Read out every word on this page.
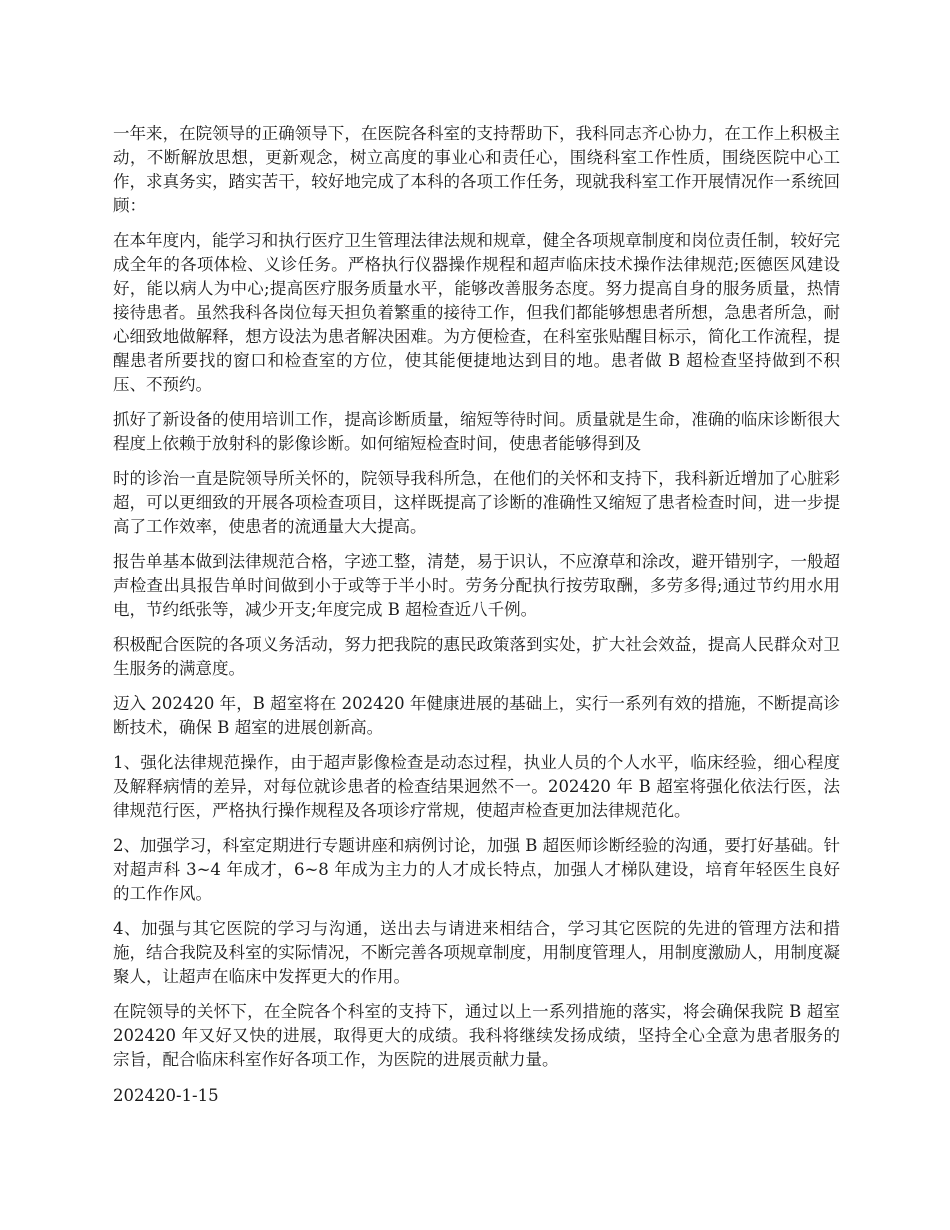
一年来，在院领导的正确领导下，在医院各科室的支持帮助下，我科同志齐心协力，在工作上积极主动，不断解放思想，更新观念，树立高度的事业心和责任心，围绕科室工作性质，围绕医院中心工作，求真务实，踏实苦干，较好地完成了本科的各项工作任务，现就我科室工作开展情况作一系统回顾：

在本年度内，能学习和执行医疗卫生管理法律法规和规章，健全各项规章制度和岗位责任制，较好完成全年的各项体检、义诊任务。严格执行仪器操作规程和超声临床技术操作法律规范;医德医风建设好，能以病人为中心;提高医疗服务质量水平，能够改善服务态度。努力提高自身的服务质量，热情接待患者。虽然我科各岗位每天担负着繁重的接待工作，但我们都能够想患者所想，急患者所急，耐心细致地做解释，想方设法为患者解决困难。为方便检查，在科室张贴醒目标示，简化工作流程，提醒患者所要找的窗口和检查室的方位，使其能便捷地达到目的地。患者做 B 超检查坚持做到不积压、不预约。

抓好了新设备的使用培训工作，提高诊断质量，缩短等待时间。质量就是生命，准确的临床诊断很大程度上依赖于放射科的影像诊断。如何缩短检查时间，使患者能够得到及

时的诊治一直是院领导所关怀的，院领导我科所急，在他们的关怀和支持下，我科新近增加了心脏彩超，可以更细致的开展各项检查项目，这样既提高了诊断的准确性又缩短了患者检查时间，进一步提高了工作效率，使患者的流通量大大提高。

报告单基本做到法律规范合格，字迹工整，清楚，易于识认，不应潦草和涂改，避开错别字，一般超声检查出具报告单时间做到小于或等于半小时。劳务分配执行按劳取酬，多劳多得;通过节约用水用电，节约纸张等，减少开支;年度完成 B 超检查近八千例。

积极配合医院的各项义务活动，努力把我院的惠民政策落到实处，扩大社会效益，提高人民群众对卫生服务的满意度。

迈入 202420 年，B 超室将在 202420 年健康进展的基础上，实行一系列有效的措施，不断提高诊断技术，确保 B 超室的进展创新高。

1、强化法律规范操作，由于超声影像检查是动态过程，执业人员的个人水平，临床经验，细心程度及解释病情的差异，对每位就诊患者的检查结果迥然不一。202420 年 B 超室将强化依法行医，法律规范行医，严格执行操作规程及各项诊疗常规，使超声检查更加法律规范化。

2、加强学习，科室定期进行专题讲座和病例讨论，加强 B 超医师诊断经验的沟通，要打好基础。针对超声科 3~4 年成才，6~8 年成为主力的人才成长特点，加强人才梯队建设，培育年轻医生良好的工作作风。

4、加强与其它医院的学习与沟通，送出去与请进来相结合，学习其它医院的先进的管理方法和措施，结合我院及科室的实际情况，不断完善各项规章制度，用制度管理人，用制度激励人，用制度凝聚人，让超声在临床中发挥更大的作用。

在院领导的关怀下，在全院各个科室的支持下，通过以上一系列措施的落实，将会确保我院 B 超室 202420 年又好又快的进展，取得更大的成绩。我科将继续发扬成绩，坚持全心全意为患者服务的宗旨，配合临床科室作好各项工作，为医院的进展贡献力量。

202420-1-15
